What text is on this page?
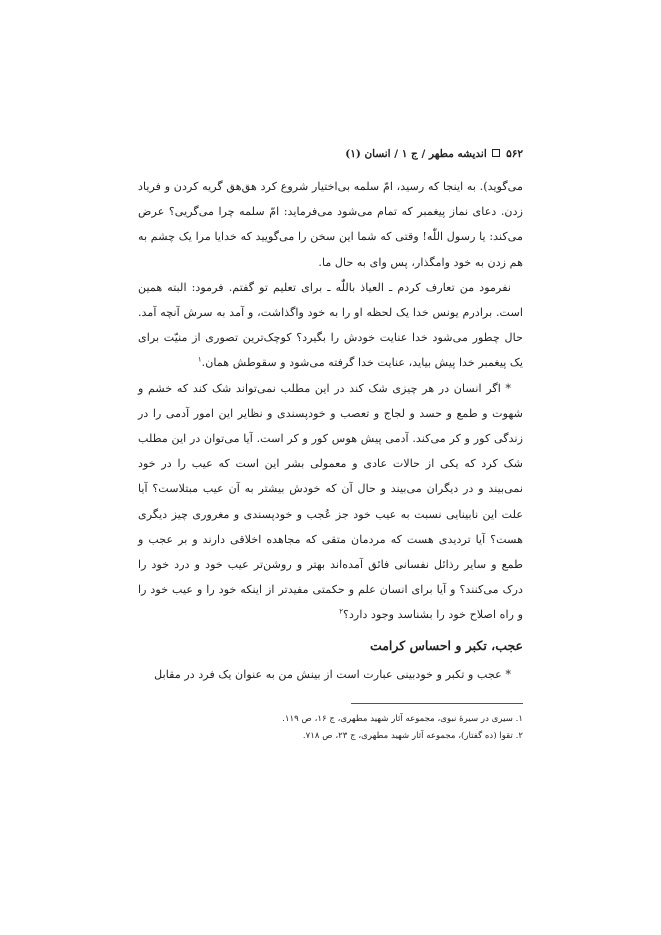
۵۶۲  اندیشه مطهر / ج ۱ / انسان (۱)

می‌گوید). به اینجا که رسید، امّ سلمه بی‌اختیار شروع کرد هق‌هق گریه کردن و فریاد زدن. دعای نماز پیغمبر که تمام می‌شود می‌فرماید: امّ سلمه چرا می‌گریی؟ عرض می‌کند: یا رسول اللّٰه! وقتی که شما این سخن را می‌گویید که خدایا مرا یک چشم به هم زدن به خود وامگذار، پس وای به حال ما.

نفرمود من تعارف کردم ـ العیاذ باللّٰه ـ برای تعلیم تو گفتم. فرمود: البته همین است. برادرم یونس خدا یک لحظه او را به خود واگذاشت، و آمد به سرش آنچه آمد. حال چطور می‌شود خدا عنایت خودش را بگیرد؟ کوچک‌ترین تصوری از منیّت برای یک پیغمبر خدا پیش بیاید، عنایت خدا گرفته می‌شود و سقوطش همان.$^۱$

* اگر انسان در هر چیزی شک کند در این مطلب نمی‌تواند شک کند که خشم و شهوت و طمع و حسد و لجاج و تعصب و خودپسندی و نظایر این امور آدمی را در زندگی کور و کر می‌کند. آدمی پیش هوس کور و کر است. آیا می‌توان در این مطلب شک کرد که یکی از حالات عادی و معمولی بشر این است که عیب را در خود نمی‌بیند و در دیگران می‌بیند و حال آن که خودش بیشتر به آن عیب مبتلاست؟ آیا علت این نابینایی نسبت به عیب خود جز عُجب و خودپسندی و مغروری چیز دیگری هست؟ آیا تردیدی هست که مردمان متقی که مجاهده اخلاقی دارند و بر عجب و طمع و سایر رذائل نفسانی فائق آمده‌اند بهتر و روشن‌تر عیب خود و درد خود را درک می‌کنند؟ و آیا برای انسان علم و حکمتی مفیدتر از اینکه خود را و عیب خود را و راه اصلاح خود را بشناسد وجود دارد؟$^۲$

عجب، تکبر و احساس کرامت

* عجب و تکبر و خودبینی عبارت است از بینش من به عنوان یک فرد در مقابل

۱. سیری در سیرهٔ نبوی، مجموعه آثار شهید مطهری، ج ۱۶، ص ۱۱۹.

۲. تقوا (ده گفتار)، مجموعه آثار شهید مطهری، ج ۲۳، ص ۷۱۸.
